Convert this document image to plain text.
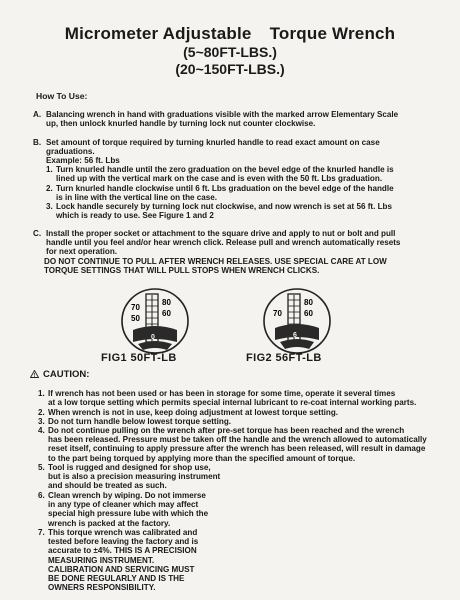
Micrometer Adjustable Torque Wrench
(5~80FT-LBS.)
(20~150FT-LBS.)
How To Use:
A. Balancing wrench in hand with graduations visible with the marked arrow Elementary Scale
up, then unlock knurled handle by turning lock nut counter clockwise.
B. Set amount of torque required by turning knurled handle to read exact amount on case
graduations.
Example: 56 ft. Lbs
1. Turn knurled handle until the zero graduation on the bevel edge of the knurled handle is
lined up with the vertical mark on the case and is even with the 50 ft. Lbs graduation.
2. Turn knurled handle clockwise until 6 ft. Lbs graduation on the bevel edge of the handle
is in line with the vertical line on the case.
3. Lock handle securely by turning lock nut clockwise, and now wrench is set at 56 ft. Lbs
which is ready to use. See Figure 1 and 2
C. Install the proper socket or attachment to the square drive and apply to nut or bolt and pull
handle until you feel and/or hear wrench click. Release pull and wrench automatically resets
for next operation.
DO NOT CONTINUE TO PULL AFTER WRENCH RELEASES. USE SPECIAL CARE AT LOW
TORQUE SETTINGS THAT WILL PULL STOPS WHEN WRENCH CLICKS.
70
50
80
60
0
FIG1 50FT-LB
70
80
60
6
FIG2 56FT-LB
! CAUTION:
1. If wrench has not been used or has been in storage for some time, operate it several times
at a low torque setting which permits special internal lubricant to re-coat internal working parts.
2. When wrench is not in use, keep doing adjustment at lowest torque setting.
3. Do not turn handle below lowest torque setting.
4. Do not continue pulling on the wrench after pre-set torque has been reached and the wrench
has been released. Pressure must be taken off the handle and the wrench allowed to automatically
reset itself, continuing to apply pressure after the wrench has been released, will result in damage
to the part being torqued by applying more than the specified amount of torque.
5. Tool is rugged and designed for shop use,
but is also a precision measuring instrument
and should be treated as such.
6. Clean wrench by wiping. Do not immerse
in any type of cleaner which may affect
special high pressure lube with which the
wrench is packed at the factory.
7. This torque wrench was calibrated and
tested before leaving the factory and is
accurate to ±4%. THIS IS A PRECISION
MEASURING INSTRUMENT.
CALIBRATION AND SERVICING MUST
BE DONE REGULARLY AND IS THE
OWNERS RESPONSIBILITY.
